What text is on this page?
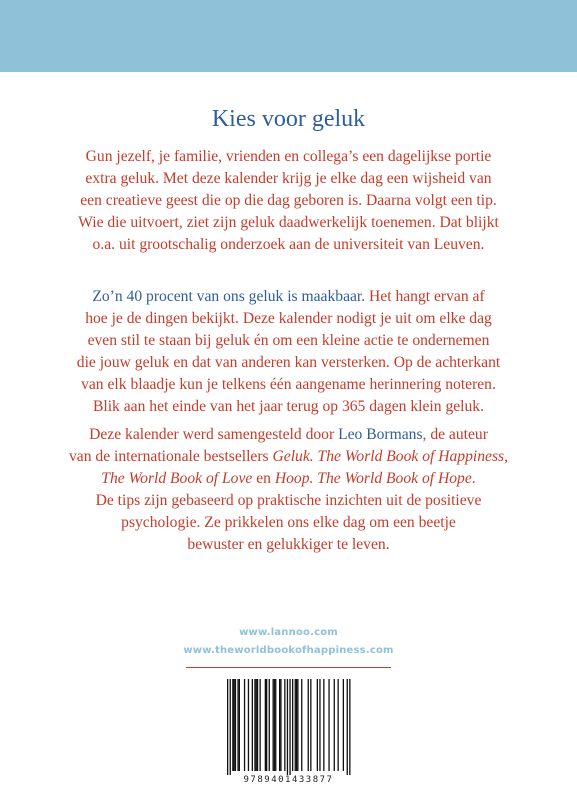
Kies voor geluk
Gun jezelf, je familie, vrienden en collega’s een dagelijkse portie
extra geluk. Met deze kalender krijg je elke dag een wijsheid van
een creatieve geest die op die dag geboren is. Daarna volgt een tip.
Wie die uitvoert, ziet zijn geluk daadwerkelijk toenemen. Dat blijkt
o.a. uit grootschalig onderzoek aan de universiteit van Leuven.
Zo’n 40 procent van ons geluk is maakbaar. Het hangt ervan af
hoe je de dingen bekijkt. Deze kalender nodigt je uit om elke dag
even stil te staan bij geluk én om een kleine actie te ondernemen
die jouw geluk en dat van anderen kan versterken. Op de achterkant
van elk blaadje kun je telkens één aangename herinnering noteren.
Blik aan het einde van het jaar terug op 365 dagen klein geluk.
Deze kalender werd samengesteld door Leo Bormans, de auteur
van de internationale bestsellers Geluk. The World Book of Happiness,
The World Book of Love en Hoop. The World Book of Hope.
De tips zijn gebaseerd op praktische inzichten uit de positieve
psychologie. Ze prikkelen ons elke dag om een beetje
bewuster en gelukkiger te leven.
www.lannoo.com
www.theworldbookofhappiness.com
9789401433877
